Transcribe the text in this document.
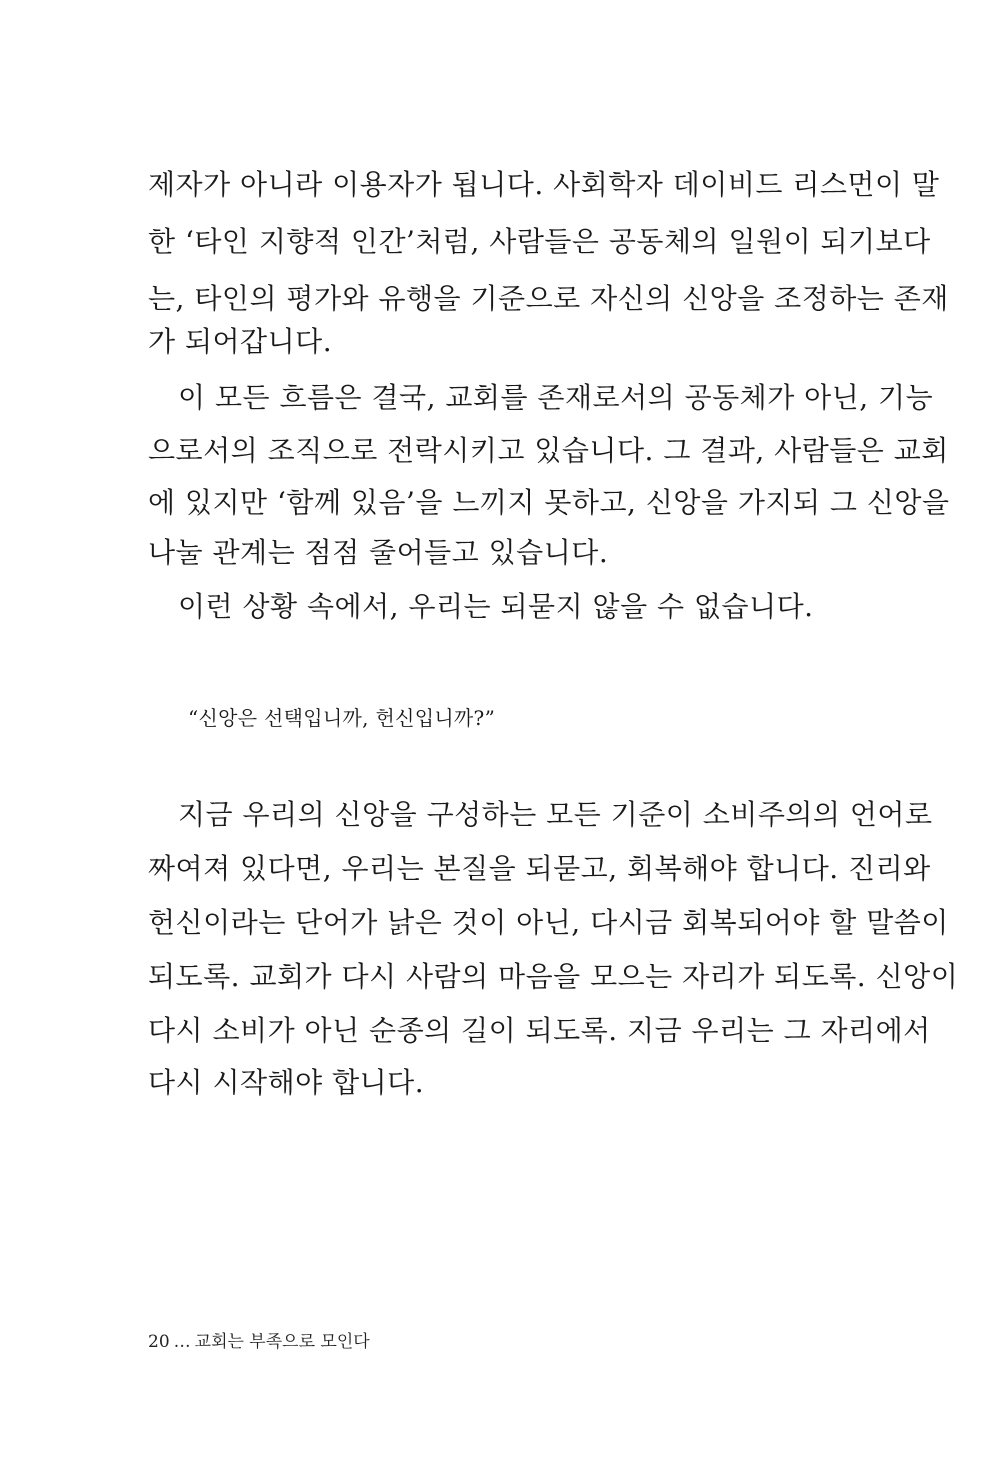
제자가 아니라 이용자가 됩니다. 사회학자 데이비드 리스먼이 말
한 ‘타인 지향적 인간’처럼, 사람들은 공동체의 일원이 되기보다
는, 타인의 평가와 유행을 기준으로 자신의 신앙을 조정하는 존재
가 되어갑니다.
이 모든 흐름은 결국, 교회를 존재로서의 공동체가 아닌, 기능
으로서의 조직으로 전락시키고 있습니다. 그 결과, 사람들은 교회
에 있지만 ‘함께 있음’을 느끼지 못하고, 신앙을 가지되 그 신앙을
나눌 관계는 점점 줄어들고 있습니다.
이런 상황 속에서, 우리는 되묻지 않을 수 없습니다.
“신앙은 선택입니까, 헌신입니까?”
지금 우리의 신앙을 구성하는 모든 기준이 소비주의의 언어로
짜여져 있다면, 우리는 본질을 되묻고, 회복해야 합니다. 진리와
헌신이라는 단어가 낡은 것이 아닌, 다시금 회복되어야 할 말씀이
되도록. 교회가 다시 사람의 마음을 모으는 자리가 되도록. 신앙이
다시 소비가 아닌 순종의 길이 되도록. 지금 우리는 그 자리에서
다시 시작해야 합니다.
20 … 교회는 부족으로 모인다
